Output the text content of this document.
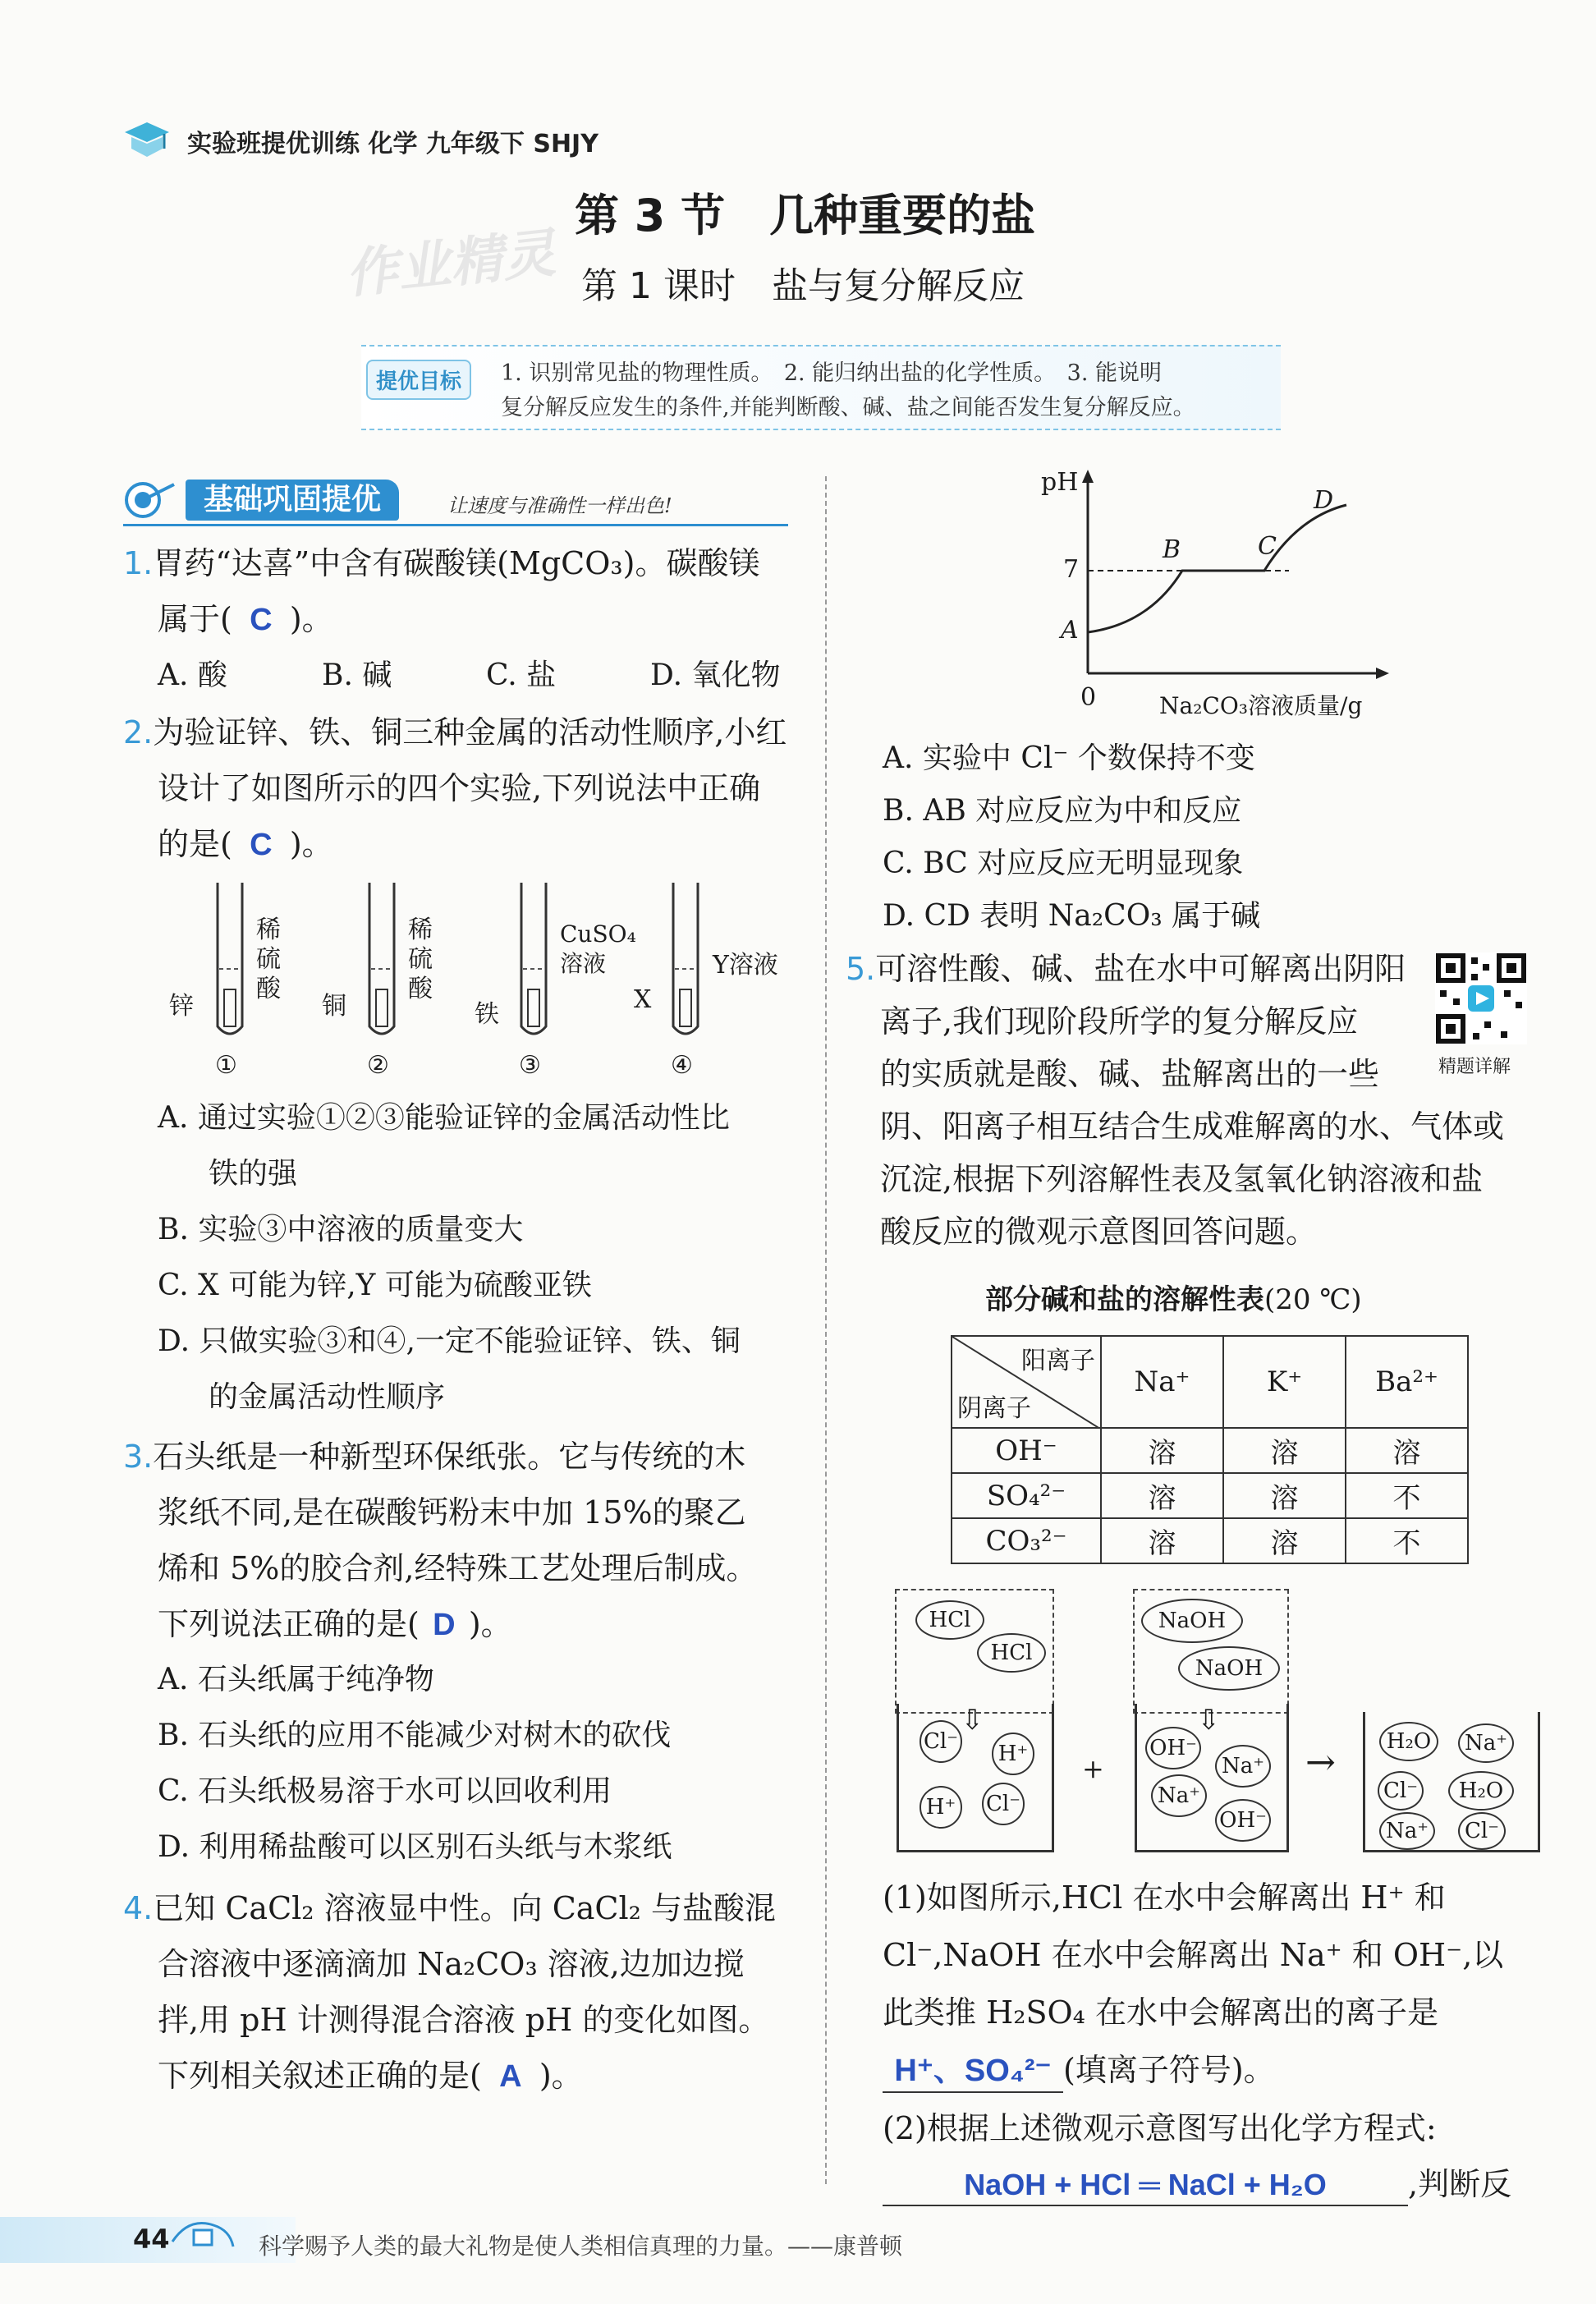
实验班提优训练 化学 九年级下 SHJY
作业精灵
第 3 节　几种重要的盐
第 1 课时　盐与复分解反应
提优目标	1. 识别常见盐的物理性质。　2. 能归纳出盐的化学性质。　3. 能说明
复分解反应发生的条件,并能判断酸、碱、盐之间能否发生复分解反应。
基础巩固提优	让速度与准确性一样出色!
1.胃药“达喜”中含有碳酸镁(MgCO₃)。碳酸镁
属于( C )。
A. 酸	B. 碱	C. 盐	D. 氧化物
2.为验证锌、铁、铜三种金属的活动性顺序,小红
设计了如图所示的四个实验,下列说法中正确
的是( C )。
稀硫酸
锌
①
稀硫酸
铜
②
CuSO₄溶液
铁
③
Y溶液
X
④
A. 通过实验①②③能验证锌的金属活动性比
铁的强
B. 实验③中溶液的质量变大
C. X 可能为锌,Y 可能为硫酸亚铁
D. 只做实验③和④,一定不能验证锌、铁、铜
的金属活动性顺序
3.石头纸是一种新型环保纸张。它与传统的木
浆纸不同,是在碳酸钙粉末中加 15%的聚乙
烯和 5%的胶合剂,经特殊工艺处理后制成。
下列说法正确的是( D )。
A. 石头纸属于纯净物
B. 石头纸的应用不能减少对树木的砍伐
C. 石头纸极易溶于水可以回收利用
D. 利用稀盐酸可以区别石头纸与木浆纸
4.已知 CaCl₂ 溶液显中性。向 CaCl₂ 与盐酸混
合溶液中逐滴滴加 Na₂CO₃ 溶液,边加边搅
拌,用 pH 计测得混合溶液 pH 的变化如图。
下列相关叙述正确的是( A )。
pH
7
A
B	C
D
0	Na₂CO₃溶液质量/g
A. 实验中 Cl⁻ 个数保持不变
B. AB 对应反应为中和反应
C. BC 对应反应无明显现象
D. CD 表明 Na₂CO₃ 属于碱
5.可溶性酸、碱、盐在水中可解离出阴阳
离子,我们现阶段所学的复分解反应
的实质就是酸、碱、盐解离出的一些
阴、阳离子相互结合生成难解离的水、气体或
沉淀,根据下列溶解性表及氢氧化钠溶液和盐
酸反应的微观示意图回答问题。
精题详解
部分碱和盐的溶解性表(20 ℃)
阳离子
阴离子	Na⁺	K⁺	Ba²⁺
OH⁻	溶	溶	溶
SO₄²⁻	溶	溶	不
CO₃²⁻	溶	溶	不
HCl
HCl
⇩
Cl⁻ H⁺
H⁺ Cl⁻
+
NaOH
NaOH
⇩
OH⁻
Na⁺
Na⁺
OH⁻
→	H₂O	Na⁺
Cl⁻	H₂O
Na⁺	Cl⁻
(1)如图所示,HCl 在水中会解离出 H⁺ 和
Cl⁻,NaOH 在水中会解离出 Na⁺ 和 OH⁻,以
此类推 H₂SO₄ 在水中会解离出的离子是
H⁺、SO₄²⁻ (填离子符号)。
(2)根据上述微观示意图写出化学方程式:
NaOH + HCl ═ NaCl + H₂O	,判断反
44	科学赐予人类的最大礼物是使人类相信真理的力量。——康普顿
